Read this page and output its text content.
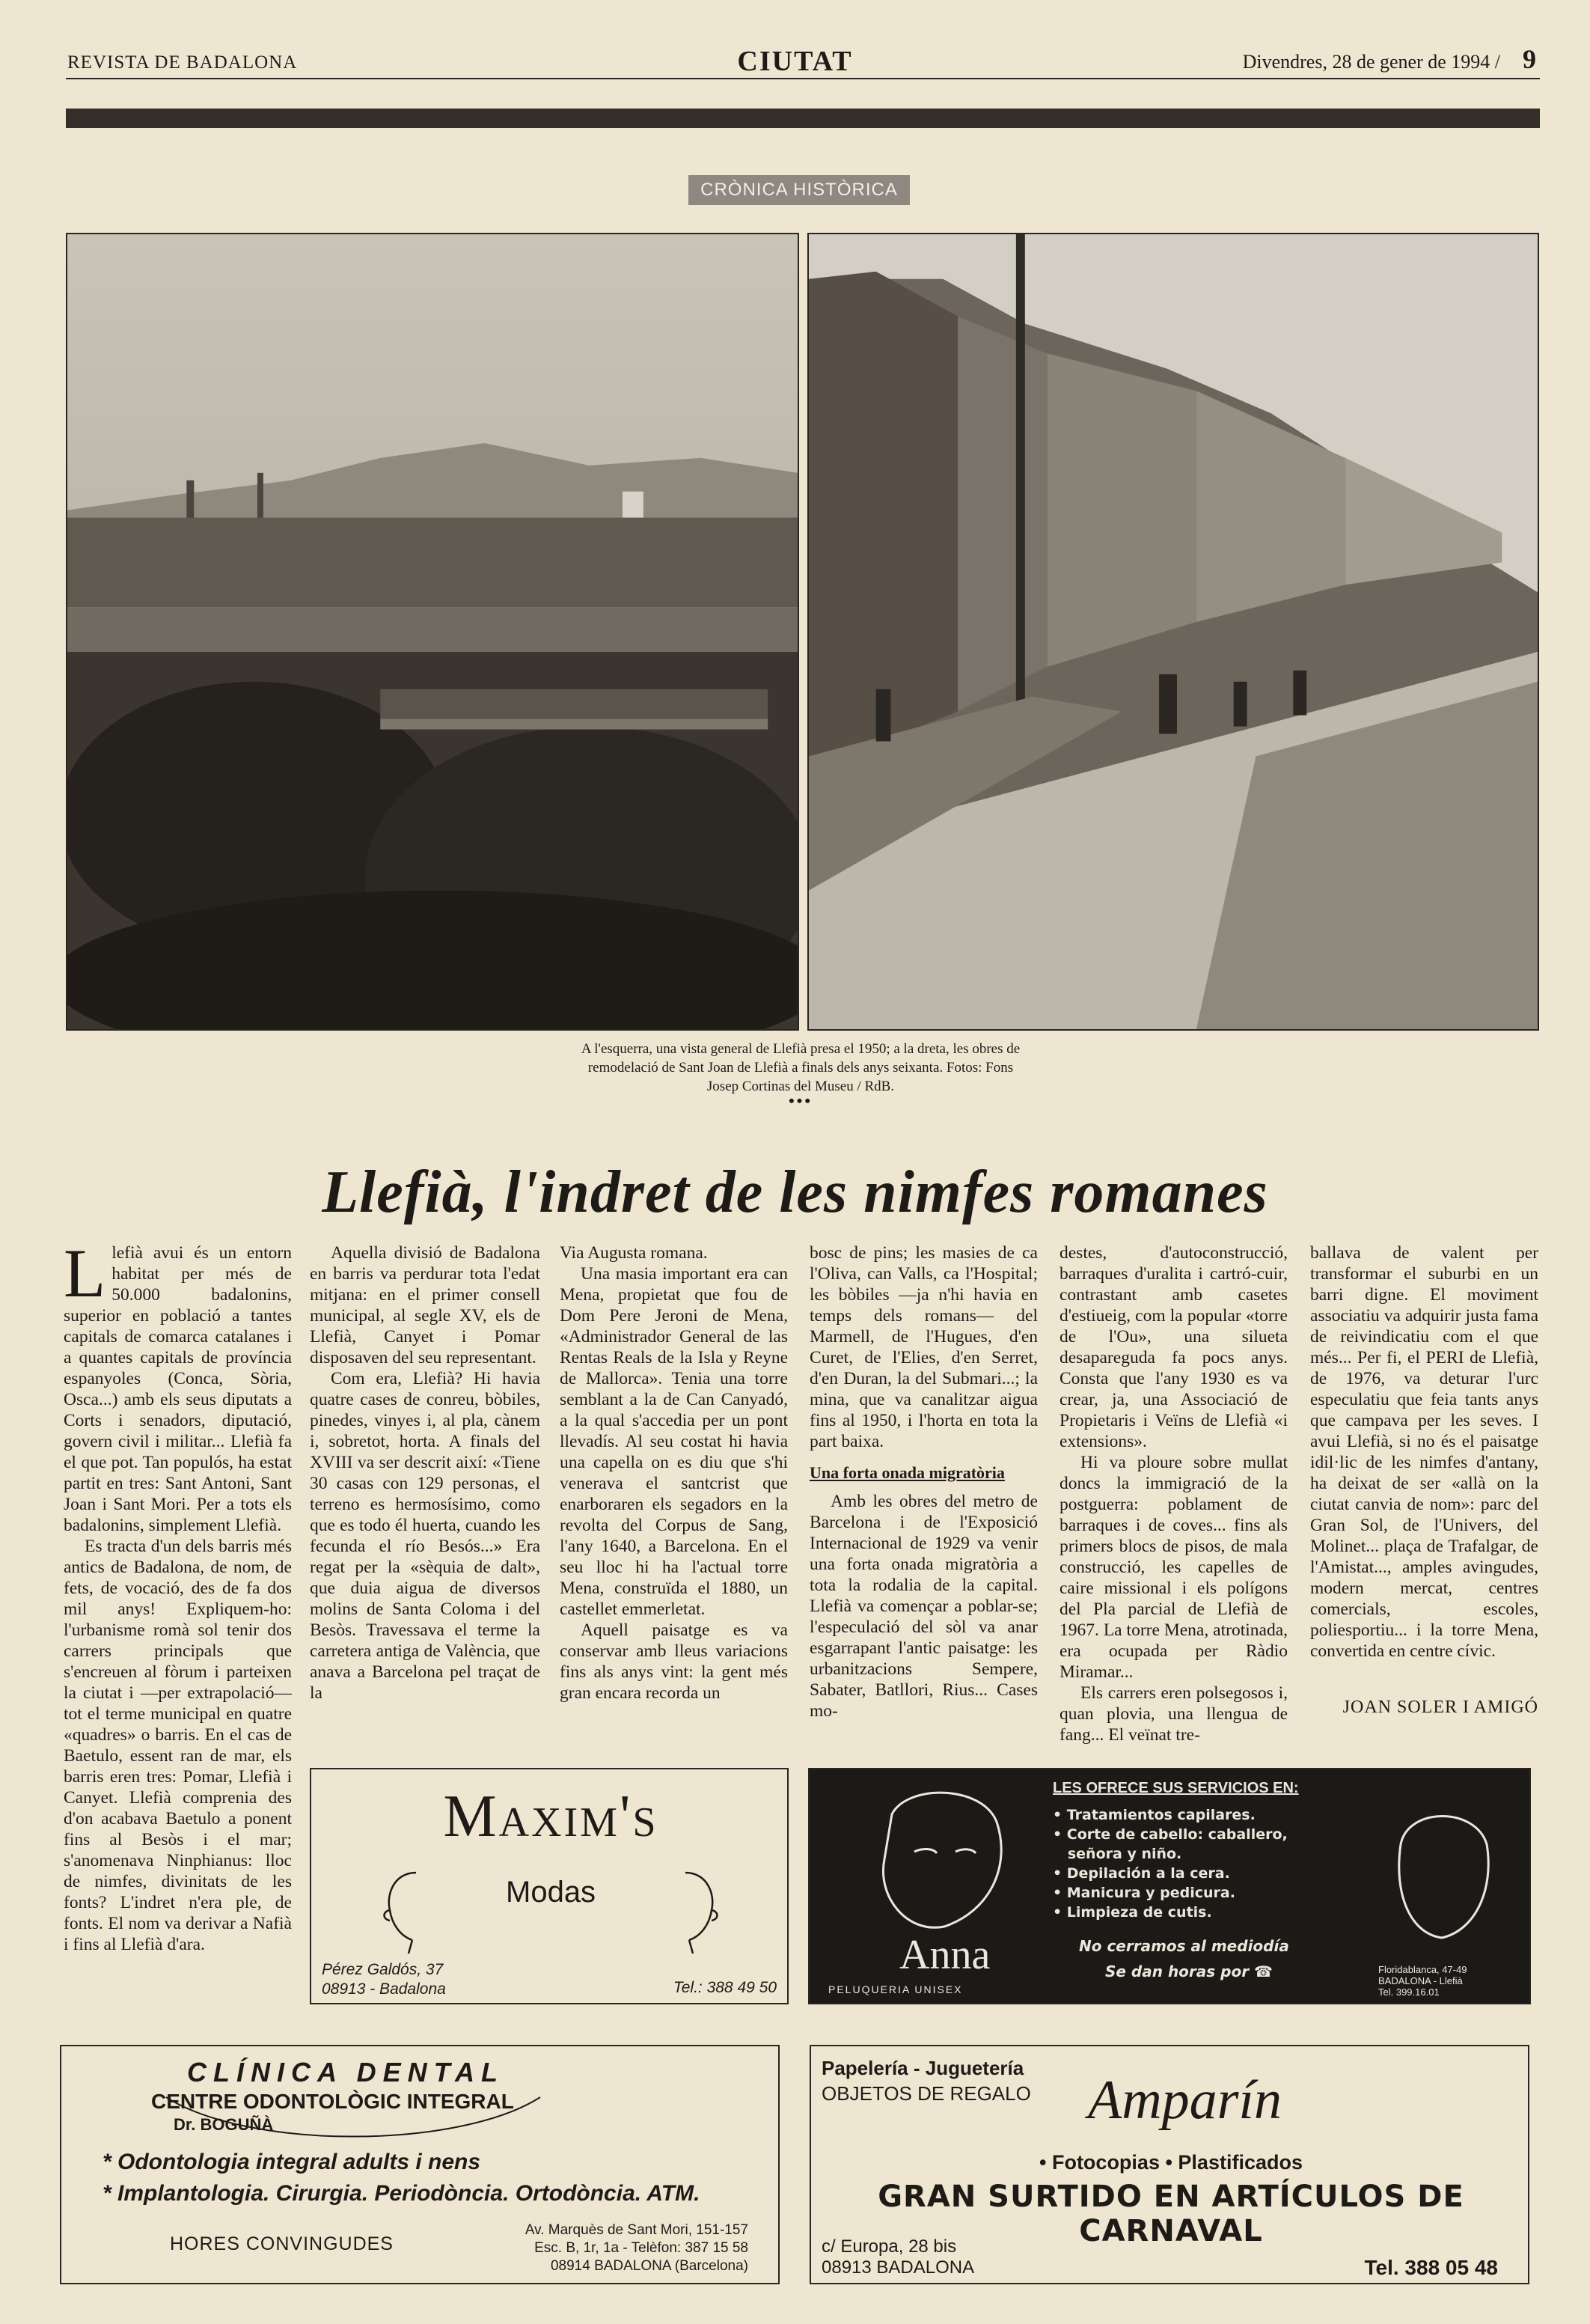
REVISTA DE BADALONA	CIUTAT	Divendres, 28 de gener de 1994 / 9
CRÒNICA HISTÒRICA
A l'esquerra, una vista general de Llefià presa el 1950; a la dreta, les obres de remodelació de Sant Joan de Llefià a finals dels anys seixanta. Fotos: Fons Josep Cortinas del Museu / RdB.
•••
Llefià, l'indret de les nimfes romanes

Llefià avui és un entorn habitat per més de 50.000 badalonins, superior en població a tantes capitals de comarca catalanes i a quantes capitals de província espanyoles (Conca, Sòria, Osca...) amb els seus diputats a Corts i senadors, diputació, govern civil i militar... Llefià fa el que pot. Tan populós, ha estat partit en tres: Sant Antoni, Sant Joan i Sant Mori. Per a tots els badalonins, simplement Llefià.

Es tracta d'un dels barris més antics de Badalona, de nom, de fets, de vocació, des de fa dos mil anys! Expliquem-ho: l'urbanisme romà sol tenir dos carrers principals que s'encreuen al fòrum i parteixen la ciutat i —per extrapolació— tot el terme municipal en quatre «quadres» o barris. En el cas de Baetulo, essent ran de mar, els barris eren tres: Pomar, Llefià i Canyet. Llefià comprenia des d'on acabava Baetulo a ponent fins al Besòs i el mar; s'anomenava Ninphianus: lloc de nimfes, divinitats de les fonts? L'indret n'era ple, de fonts. El nom va derivar a Nafià i fins al Llefià d'ara.

Aquella divisió de Badalona en barris va perdurar tota l'edat mitjana: en el primer consell municipal, al segle XV, els de Llefià, Canyet i Pomar disposaven del seu representant.

Com era, Llefià? Hi havia quatre cases de conreu, bòbiles, pinedes, vinyes i, al pla, cànem i, sobretot, horta. A finals del XVIII va ser descrit així: «Tiene 30 casas con 129 personas, el terreno es hermosísimo, como que es todo él huerta, cuando les fecunda el río Besós...» Era regat per la «sèquia de dalt», que duia aigua de diversos molins de Santa Coloma i del Besòs. Travessava el terme la carretera antiga de València, que anava a Barcelona pel traçat de la

Via Augusta romana.

Una masia important era can Mena, propietat que fou de Dom Pere Jeroni de Mena, «Administrador General de las Rentas Reals de la Isla y Reyne de Mallorca». Tenia una torre semblant a la de Can Canyadó, a la qual s'accedia per un pont llevadís. Al seu costat hi havia una capella on es diu que s'hi venerava el santcrist que enarboraren els segadors en la revolta del Corpus de Sang, l'any 1640, a Barcelona. En el seu lloc hi ha l'actual torre Mena, construïda el 1880, un castellet emmerletat.

Aquell paisatge es va conservar amb lleus variacions fins als anys vint: la gent més gran encara recorda un

bosc de pins; les masies de ca l'Oliva, can Valls, ca l'Hospital; les bòbiles —ja n'hi havia en temps dels romans— del Marmell, de l'Hugues, d'en Curet, de l'Elies, d'en Serret, d'en Duran, la del Submari...; la mina, que va canalitzar aigua fins al 1950, i l'horta en tota la part baixa.

Una forta onada migratòria

Amb les obres del metro de Barcelona i de l'Exposició Internacional de 1929 va venir una forta onada migratòria a tota la rodalia de la capital. Llefià va començar a poblar-se; l'especulació del sòl va anar esgarrapant l'antic paisatge: les urbanitzacions Sempere, Sabater, Batllori, Rius... Cases mo-

destes, d'autoconstrucció, barraques d'uralita i cartró-cuir, contrastant amb casetes d'estiueig, com la popular «torre de l'Ou», una silueta desapareguda fa pocs anys. Consta que l'any 1930 es va crear, ja, una Associació de Propietaris i Veïns de Llefià «i extensions».

Hi va ploure sobre mullat doncs la immigració de la postguerra: poblament de barraques i de coves... fins als primers blocs de pisos, de mala construcció, les capelles de caire missional i els polígons del Pla parcial de Llefià de 1967. La torre Mena, atrotinada, era ocupada per Ràdio Miramar...

Els carrers eren polsegosos i, quan plovia, una llengua de fang... El veïnat tre-

ballava de valent per transformar el suburbi en un barri digne. El moviment associatiu va adquirir justa fama de reivindicatiu com el que més... Per fi, el PERI de Llefià, de 1976, va deturar l'urc especulatiu que feia tants anys que campava per les seves. I avui Llefià, si no és el paisatge idil·lic de les nimfes d'antany, ha deixat de ser «allà on la ciutat canvia de nom»: parc del Gran Sol, de l'Univers, del Molinet... plaça de Trafalgar, de l'Amistat..., amples avingudes, modern mercat, centres comercials, escoles, poliesportiu... i la torre Mena, convertida en centre cívic.

JOAN SOLER I AMIGÓ
Maxim's
Modas
Pérez Galdós, 37
08913 - Badalona	Tel.: 388 49 50
Anna
PELUQUERIA UNISEX
LES OFRECE SUS SERVICIOS EN:
• Tratamientos capilares.
• Corte de cabello: caballero,
señora y niño.
• Depilación a la cera.
• Manicura y pedicura.
• Limpieza de cutis.
No cerramos al mediodía
Se dan horas por ☎	Floridablanca, 47-49
BADALONA - Llefià
Tel. 399.16.01
CLÍNICA DENTAL
CENTRE ODONTOLÒGIC INTEGRAL
Dr. BOGUÑÀ
* Odontologia integral adults i nens
* Implantologia. Cirurgia. Periodòncia. Ortodòncia. ATM.
HORES CONVINGUDES
Av. Marquès de Sant Mori, 151-157
Esc. B, 1r, 1a - Telèfon: 387 15 58
08914 BADALONA (Barcelona)
Papelería - Juguetería
OBJETOS DE REGALO Amparín
• Fotocopias • Plastificados
GRAN SURTIDO EN ARTÍCULOS DE CARNAVAL
c/ Europa, 28 bis
08913 BADALONA	Tel. 388 05 48
